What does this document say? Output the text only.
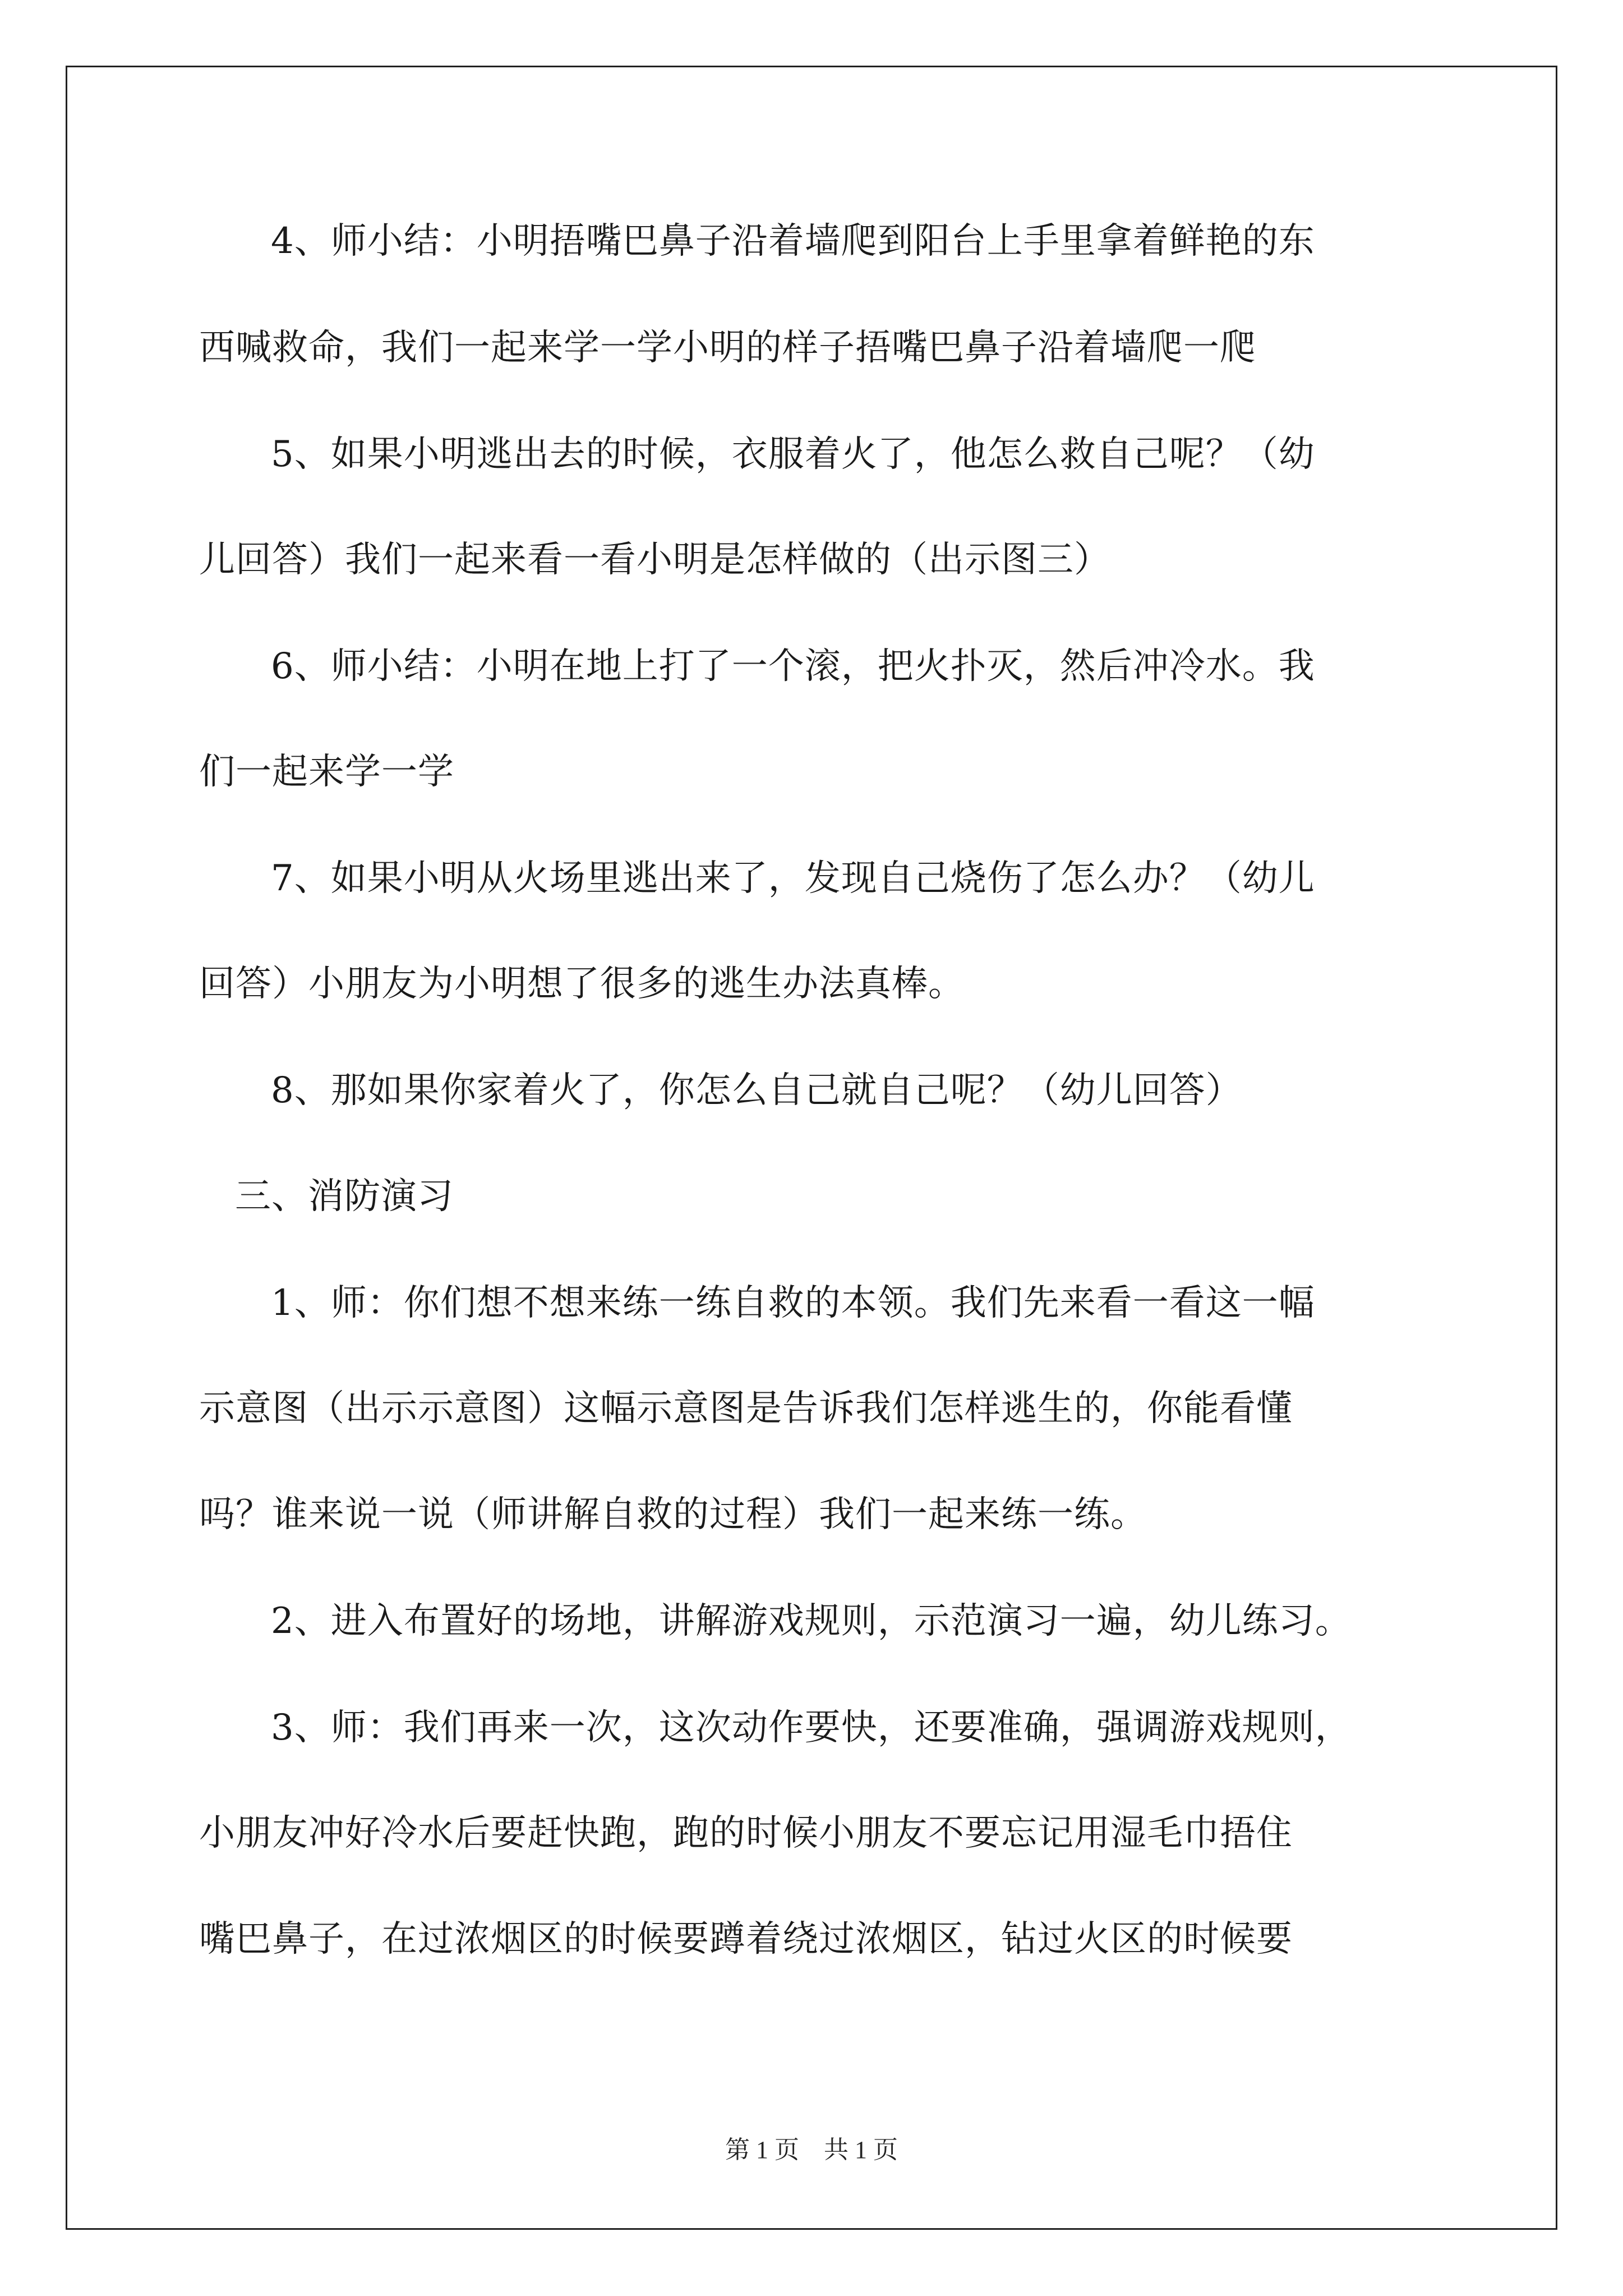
4、师小结：小明捂嘴巴鼻子沿着墙爬到阳台上手里拿着鲜艳的东
西喊救命，我们一起来学一学小明的样子捂嘴巴鼻子沿着墙爬一爬
5、如果小明逃出去的时候，衣服着火了，他怎么救自己呢？（幼
儿回答）我们一起来看一看小明是怎样做的（出示图三）
6、师小结：小明在地上打了一个滚，把火扑灭，然后冲冷水。我
们一起来学一学
7、如果小明从火场里逃出来了，发现自己烧伤了怎么办？（幼儿
回答）小朋友为小明想了很多的逃生办法真棒。
8、那如果你家着火了，你怎么自己就自己呢？（幼儿回答）
三、消防演习
1、师：你们想不想来练一练自救的本领。我们先来看一看这一幅
示意图（出示示意图）这幅示意图是告诉我们怎样逃生的，你能看懂
吗？谁来说一说（师讲解自救的过程）我们一起来练一练。
2、进入布置好的场地，讲解游戏规则，示范演习一遍，幼儿练习。
3、师：我们再来一次，这次动作要快，还要准确，强调游戏规则，
小朋友冲好冷水后要赶快跑，跑的时候小朋友不要忘记用湿毛巾捂住
嘴巴鼻子，在过浓烟区的时候要蹲着绕过浓烟区，钻过火区的时候要
第 1 页　共 1 页
